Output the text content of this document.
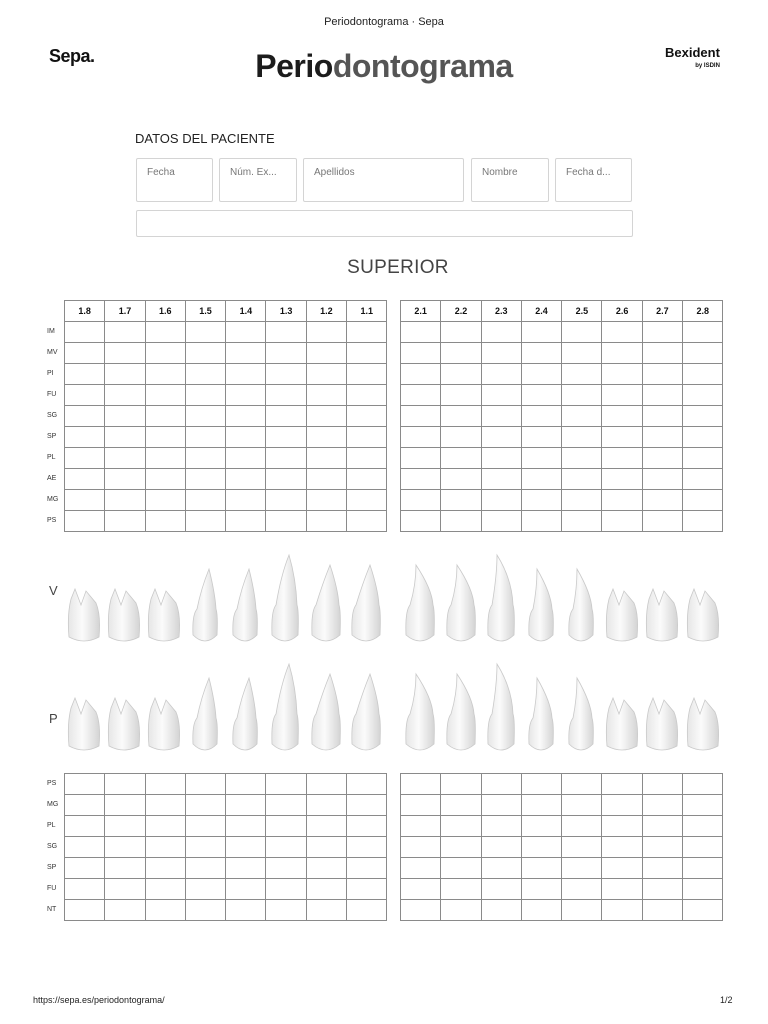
Periodontograma · Sepa
Sepa.	Periodontograma	Bexident
by ISDIN
DATOS DEL PACIENTE
Fecha	Núm. Ex...	Apellidos	Nombre	Fecha d...
SUPERIOR
1.8	1.7	1.6	1.5	1.4	1.3	1.2	1.1

								2.1	2.2	2.3	2.4	2.5	2.6	2.7	2.8

IM
MV
PI
FU
SG
SP
PL
AE
MG
PS

PS
MG
PL
SG
SP
FU
NT
V
P
https://sepa.es/periodontograma/	1/2
